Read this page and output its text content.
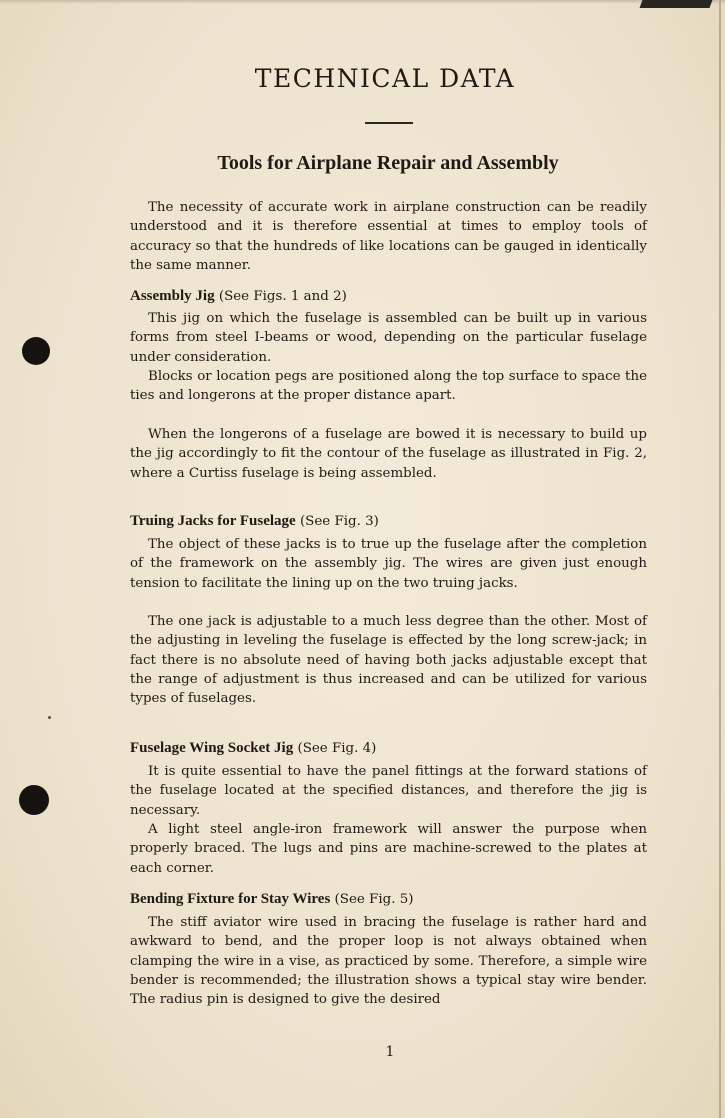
TECHNICAL DATA
Tools for Airplane Repair and Assembly

The necessity of accurate work in airplane construction can be readily understood and it is therefore essential at times to employ tools of accuracy so that the hundreds of like locations can be gauged in identically the same manner.

Assembly Jig (See Figs. 1 and 2)

This jig on which the fuselage is assembled can be built up in various forms from steel I-beams or wood, depending on the particular fuselage under consideration.

Blocks or location pegs are positioned along the top surface to space the ties and longerons at the proper distance apart.

When the longerons of a fuselage are bowed it is necessary to build up the jig accordingly to fit the contour of the fuselage as illustrated in Fig. 2, where a Curtiss fuselage is being assembled.

Truing Jacks for Fuselage (See Fig. 3)

The object of these jacks is to true up the fuselage after the completion of the framework on the assembly jig. The wires are given just enough tension to facilitate the lining up on the two truing jacks.

The one jack is adjustable to a much less degree than the other. Most of the adjusting in leveling the fuselage is effected by the long screw-jack; in fact there is no absolute need of having both jacks adjustable except that the range of adjustment is thus increased and can be utilized for various types of fuselages.

Fuselage Wing Socket Jig (See Fig. 4)

It is quite essential to have the panel fittings at the forward stations of the fuselage located at the specified distances, and therefore the jig is necessary.

A light steel angle-iron framework will answer the purpose when properly braced. The lugs and pins are machine-screwed to the plates at each corner.

Bending Fixture for Stay Wires (See Fig. 5)

The stiff aviator wire used in bracing the fuselage is rather hard and awkward to bend, and the proper loop is not always obtained when clamping the wire in a vise, as practiced by some. Therefore, a simple wire bender is recommended; the illustration shows a typical stay wire bender. The radius pin is designed to give the desired

1
